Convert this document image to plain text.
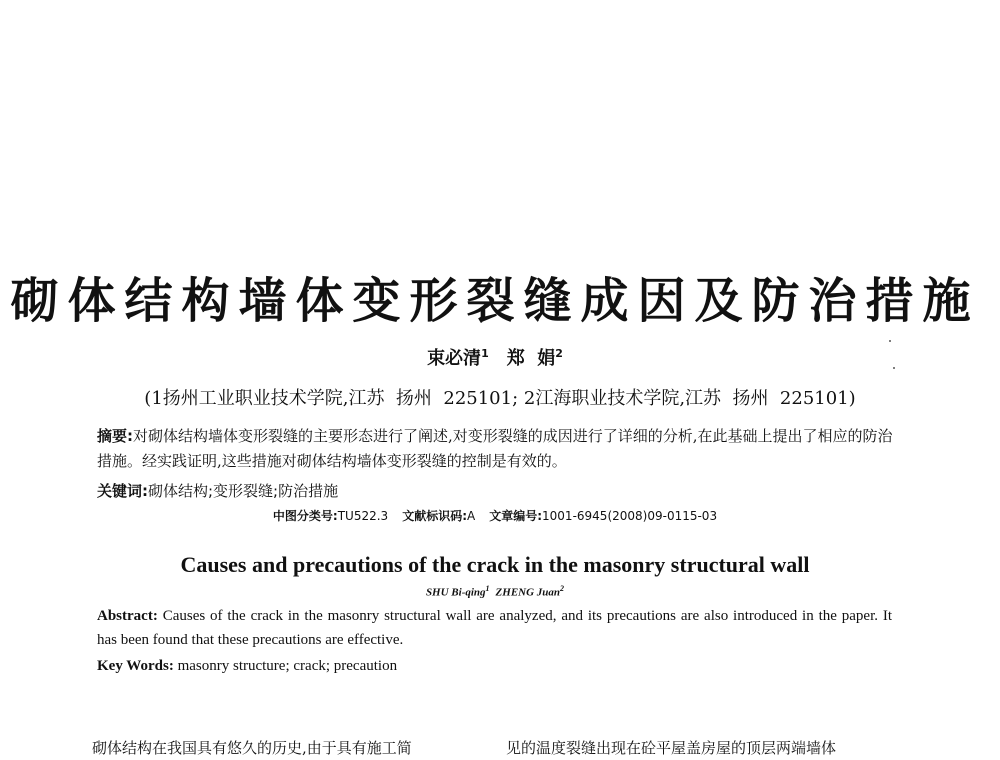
砌体结构墙体变形裂缝成因及防治措施
束必清$^1$ 郑  娟$^2$
(1扬州工业职业技术学院,江苏  扬州  225101; 2江海职业技术学院,江苏  扬州  225101)
摘要:对砌体结构墙体变形裂缝的主要形态进行了阐述,对变形裂缝的成因进行了详细的分析,在此基础上提出了相应的防治措施。经实践证明,这些措施对砌体结构墙体变形裂缝的控制是有效的。
关键词:砌体结构;变形裂缝;防治措施
中图分类号:TU522.3 文献标识码:A 文章编号:1001-6945(2008)09-0115-03
Causes and precautions of the crack in the masonry structural wall
SHU Bi-qing$^1$ ZHENG Juan$^2$
Abstract: Causes of the crack in the masonry structural wall are analyzed, and its precautions are also introduced in the paper. It has been found that these precautions are effective.
Key Words: masonry structure; crack; precaution
砌体结构在我国具有悠久的历史,由于具有施工简	见的温度裂缝出现在砼平屋盖房屋的顶层两端墙体
